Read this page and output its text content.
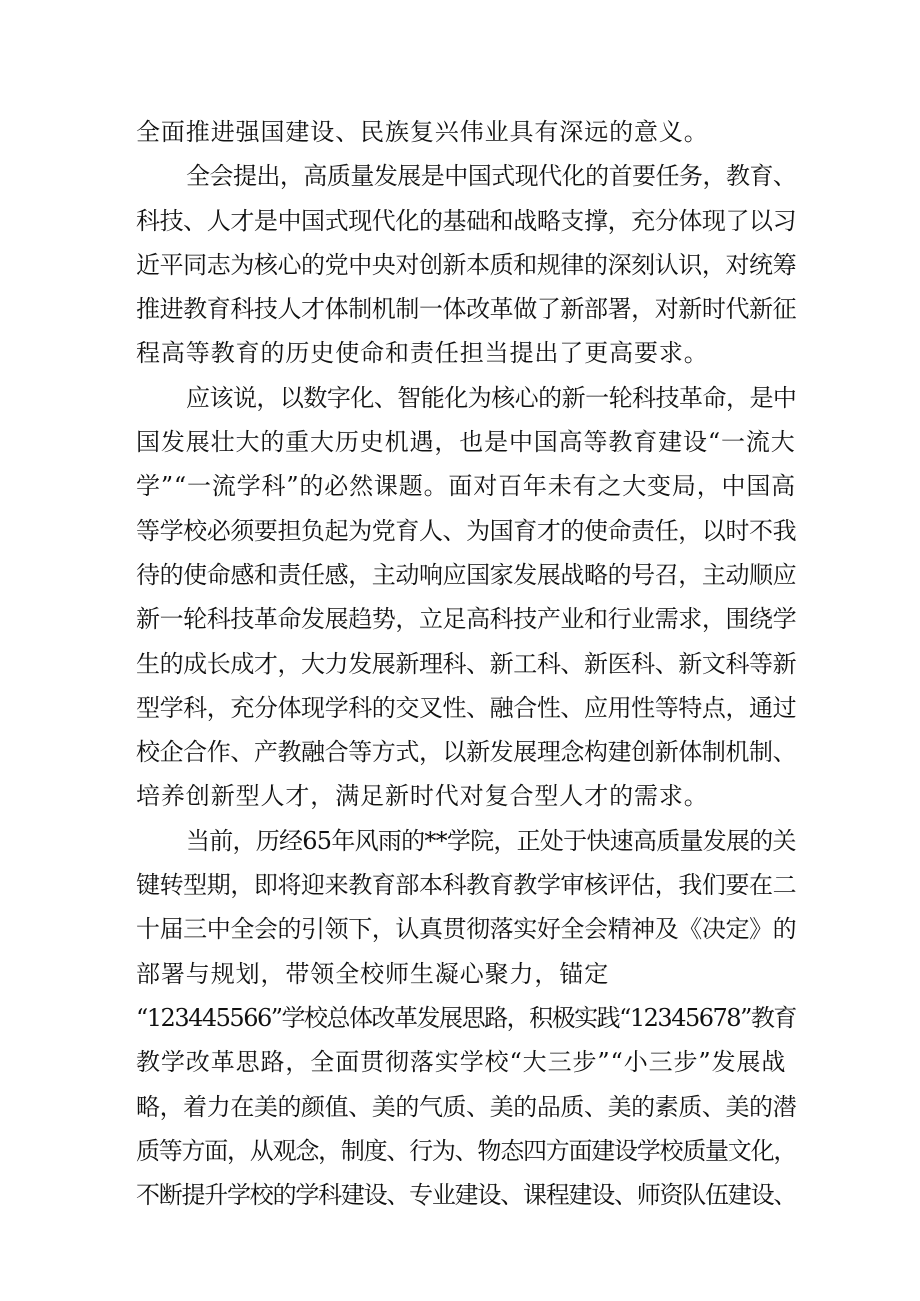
全面推进强国建设、民族复兴伟业具有深远的意义。
全会提出，高质量发展是中国式现代化的首要任务，教育、
科技、人才是中国式现代化的基础和战略支撑，充分体现了以习
近平同志为核心的党中央对创新本质和规律的深刻认识，对统筹
推进教育科技人才体制机制一体改革做了新部署，对新时代新征
程高等教育的历史使命和责任担当提出了更高要求。
应该说，以数字化、智能化为核心的新一轮科技革命，是中
国发展壮大的重大历史机遇，也是中国高等教育建设“一流大
学”“一流学科”的必然课题。面对百年未有之大变局，中国高
等学校必须要担负起为党育人、为国育才的使命责任，以时不我
待的使命感和责任感，主动响应国家发展战略的号召，主动顺应
新一轮科技革命发展趋势，立足高科技产业和行业需求，围绕学
生的成长成才，大力发展新理科、新工科、新医科、新文科等新
型学科，充分体现学科的交叉性、融合性、应用性等特点，通过
校企合作、产教融合等方式，以新发展理念构建创新体制机制、
培养创新型人才，满足新时代对复合型人才的需求。
当前，历经65年风雨的**学院，正处于快速高质量发展的关
键转型期，即将迎来教育部本科教育教学审核评估，我们要在二
十届三中全会的引领下，认真贯彻落实好全会精神及《决定》的
部署与规划，带领全校师生凝心聚力，锚定
“123445566”学校总体改革发展思路，积极实践“12345678”教育
教学改革思路，全面贯彻落实学校“大三步”“小三步”发展战
略，着力在美的颜值、美的气质、美的品质、美的素质、美的潜
质等方面，从观念，制度、行为、物态四方面建设学校质量文化，
不断提升学校的学科建设、专业建设、课程建设、师资队伍建设、
